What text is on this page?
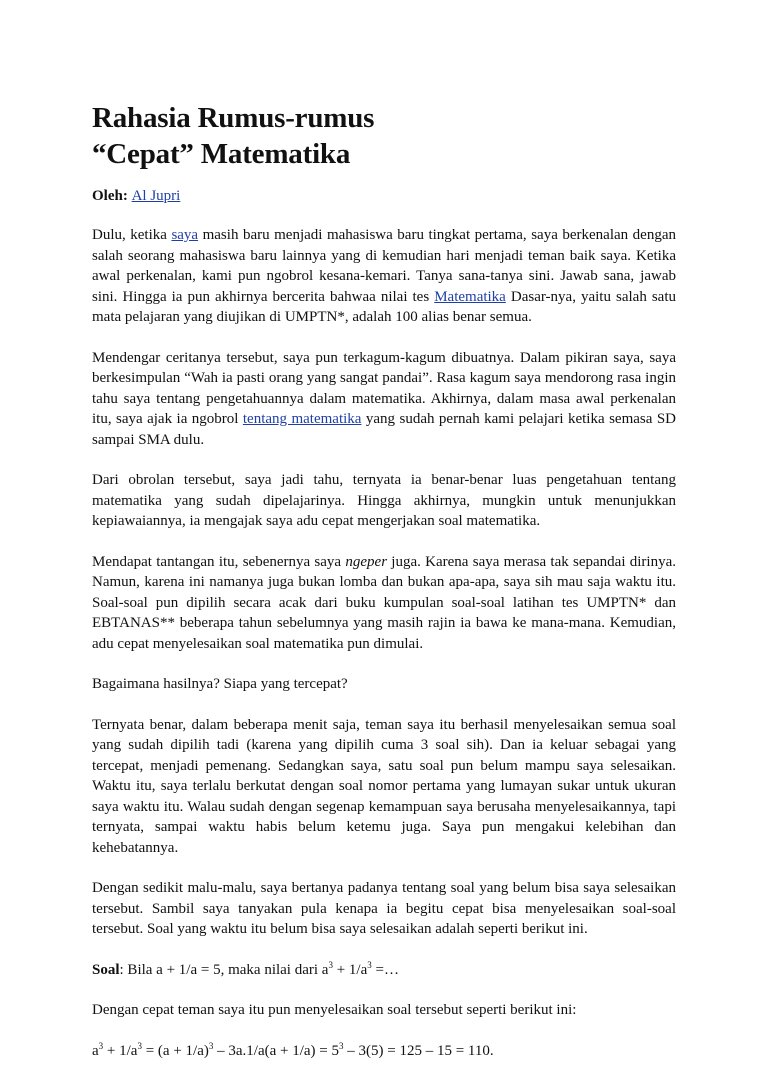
Rahasia Rumus-rumus
“Cepat” Matematika
Oleh: Al Jupri

Dulu, ketika saya masih baru menjadi mahasiswa baru tingkat pertama, saya berkenalan dengan salah seorang mahasiswa baru lainnya yang di kemudian hari menjadi teman baik saya. Ketika awal perkenalan, kami pun ngobrol kesana-kemari. Tanya sana-tanya sini. Jawab sana, jawab sini. Hingga ia pun akhirnya bercerita bahwaa nilai tes Matematika Dasar-nya, yaitu salah satu mata pelajaran yang diujikan di UMPTN*, adalah 100 alias benar semua.

Mendengar ceritanya tersebut, saya pun terkagum-kagum dibuatnya. Dalam pikiran saya, saya berkesimpulan “Wah ia pasti orang yang sangat pandai”. Rasa kagum saya mendorong rasa ingin tahu saya tentang pengetahuannya dalam matematika. Akhirnya, dalam masa awal perkenalan itu, saya ajak ia ngobrol tentang matematika yang sudah pernah kami pelajari ketika semasa SD sampai SMA dulu.

Dari obrolan tersebut, saya jadi tahu, ternyata ia benar-benar luas pengetahuan tentang matematika yang sudah dipelajarinya. Hingga akhirnya, mungkin untuk menunjukkan kepiawaiannya, ia mengajak saya adu cepat mengerjakan soal matematika.

Mendapat tantangan itu, sebenernya saya ngeper juga. Karena saya merasa tak sepandai dirinya. Namun, karena ini namanya juga bukan lomba dan bukan apa-apa, saya sih mau saja waktu itu. Soal-soal pun dipilih secara acak dari buku kumpulan soal-soal latihan tes UMPTN* dan EBTANAS** beberapa tahun sebelumnya yang masih rajin ia bawa ke mana-mana. Kemudian, adu cepat menyelesaikan soal matematika pun dimulai.

Bagaimana hasilnya? Siapa yang tercepat?

Ternyata benar, dalam beberapa menit saja, teman saya itu berhasil menyelesaikan semua soal yang sudah dipilih tadi (karena yang dipilih cuma 3 soal sih). Dan ia keluar sebagai yang tercepat, menjadi pemenang. Sedangkan saya, satu soal pun belum mampu saya selesaikan. Waktu itu, saya terlalu berkutat dengan soal nomor pertama yang lumayan sukar untuk ukuran saya waktu itu. Walau sudah dengan segenap kemampuan saya berusaha menyelesaikannya, tapi ternyata, sampai waktu habis belum ketemu juga. Saya pun mengakui kelebihan dan kehebatannya.

Dengan sedikit malu-malu, saya bertanya padanya tentang soal yang belum bisa saya selesaikan tersebut. Sambil saya tanyakan pula kenapa ia begitu cepat bisa menyelesaikan soal-soal tersebut. Soal yang waktu itu belum bisa saya selesaikan adalah seperti berikut ini.

Soal: Bila a + 1/a = 5, maka nilai dari $a^3 + 1/a^3$ =…

Dengan cepat teman saya itu pun menyelesaikan soal tersebut seperti berikut ini:

$a^3 + 1/a^3 = (a + 1/a)^3 - 3a.1/a(a + 1/a) = 5^3 - 3(5) = 125 - 15 = 110$.
